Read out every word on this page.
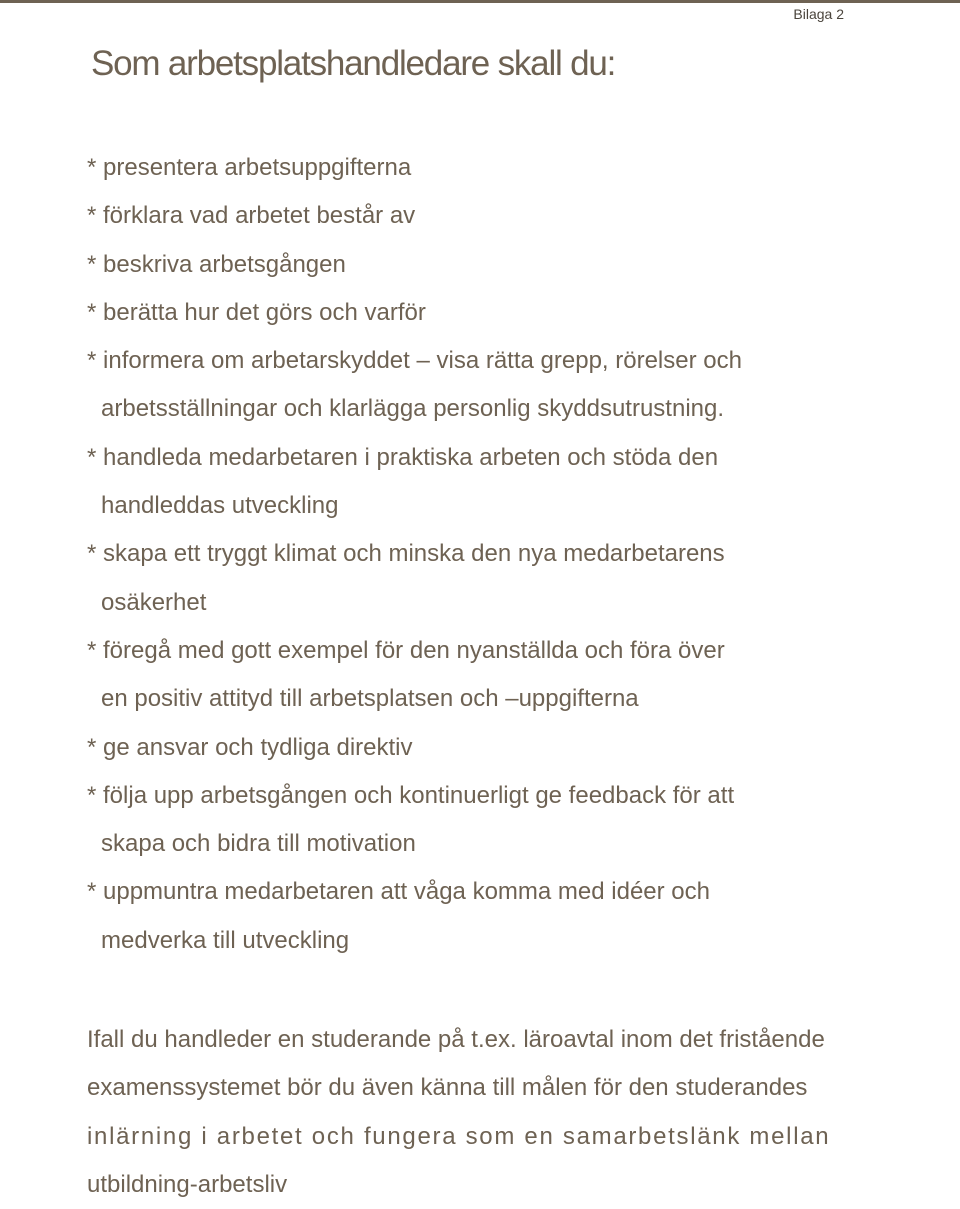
Bilaga 2
Som arbetsplatshandledare skall du:
* presentera arbetsuppgifterna
* förklara vad arbetet består av
* beskriva arbetsgången
* berätta hur det görs och varför
* informera om arbetarskyddet – visa rätta grepp, rörelser och
arbetsställningar och klarlägga personlig skyddsutrustning.
* handleda medarbetaren i praktiska arbeten och stöda den
handleddas utveckling
* skapa ett tryggt klimat och minska den nya medarbetarens
osäkerhet
* föregå med gott exempel för den nyanställda och föra över
en positiv attityd till arbetsplatsen och –uppgifterna
* ge ansvar och tydliga direktiv
* följa upp arbetsgången och kontinuerligt ge feedback för att
skapa och bidra till motivation
* uppmuntra medarbetaren att våga komma med idéer och
medverka till utveckling
Ifall du handleder en studerande på t.ex. läroavtal inom det fristående
examenssystemet bör du även känna till målen för den studerandes
inlärning i arbetet och fungera som en samarbetslänk mellan
utbildning-arbetsliv
